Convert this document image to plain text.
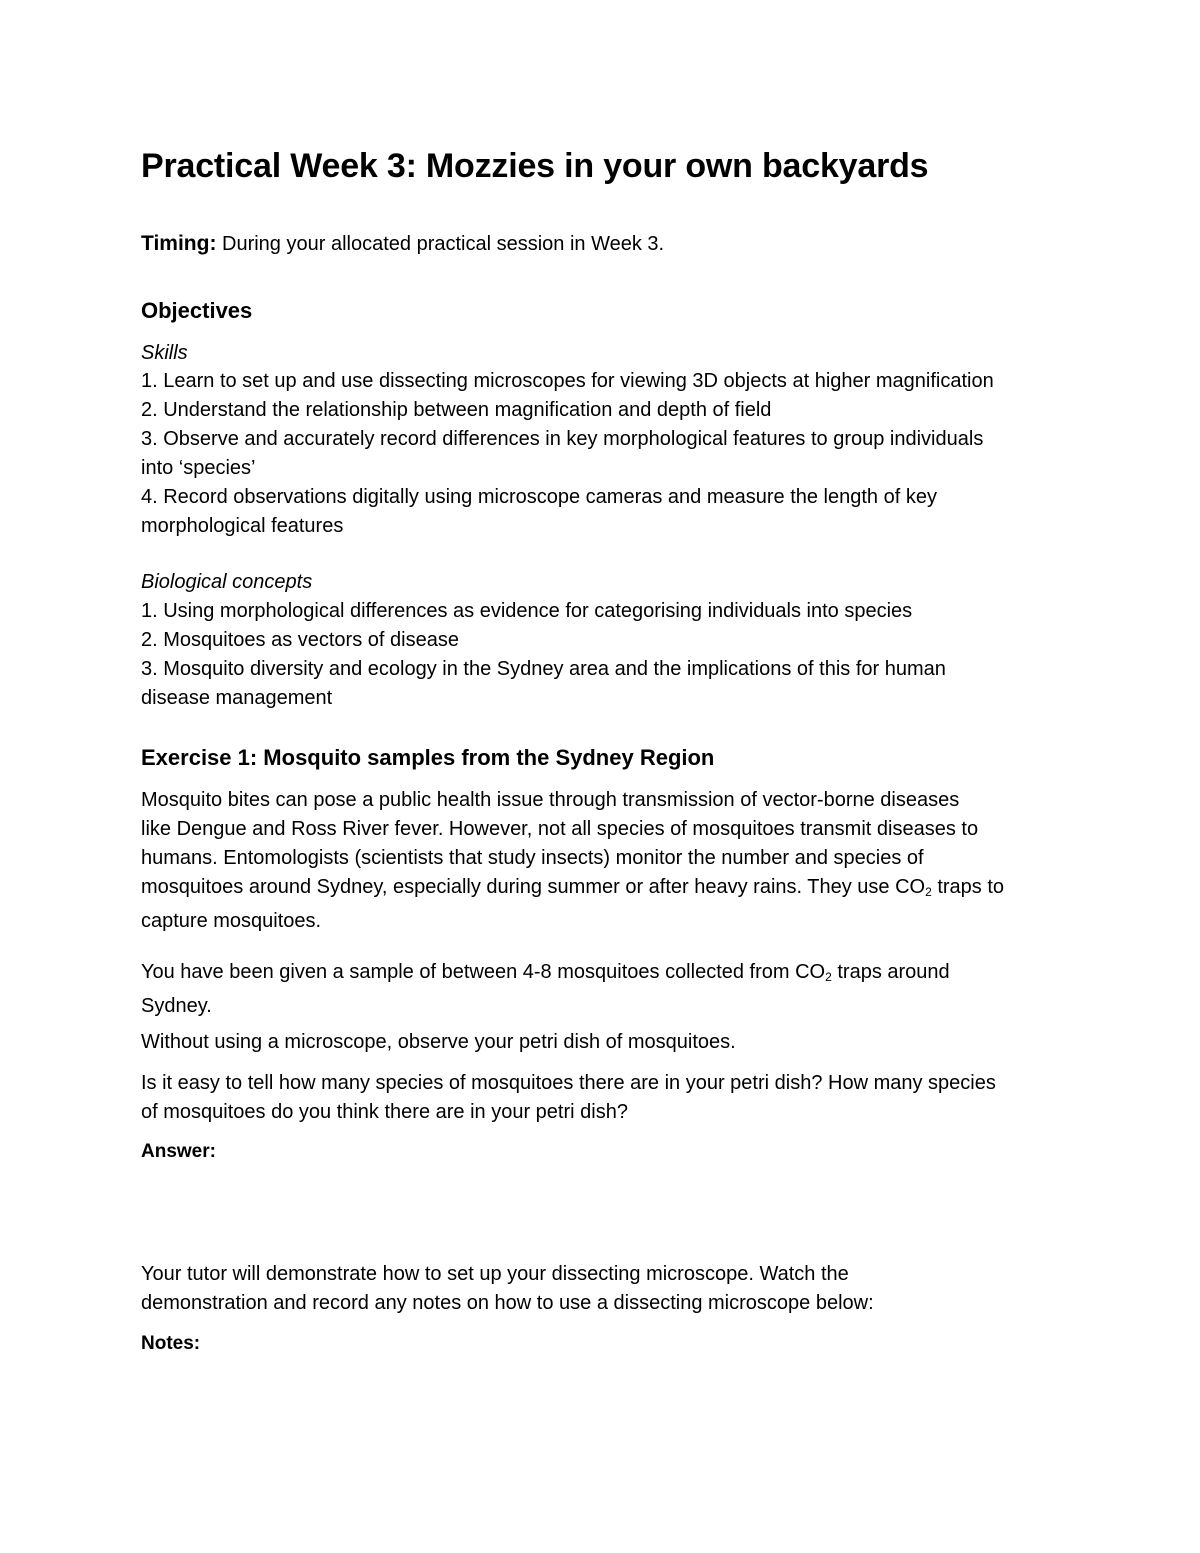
Practical Week 3: Mozzies in your own backyards
Timing: During your allocated practical session in Week 3.
Objectives
Skills
1. Learn to set up and use dissecting microscopes for viewing 3D objects at higher magnification
2. Understand the relationship between magnification and depth of field
3. Observe and accurately record differences in key morphological features to group individuals
into ‘species’
4. Record observations digitally using microscope cameras and measure the length of key
morphological features
Biological concepts
1. Using morphological differences as evidence for categorising individuals into species
2. Mosquitoes as vectors of disease
3. Mosquito diversity and ecology in the Sydney area and the implications of this for human
disease management
Exercise 1: Mosquito samples from the Sydney Region
Mosquito bites can pose a public health issue through transmission of vector-borne diseases
like Dengue and Ross River fever. However, not all species of mosquitoes transmit diseases to
humans. Entomologists (scientists that study insects) monitor the number and species of
mosquitoes around Sydney, especially during summer or after heavy rains. They use $CO_2$ traps to
capture mosquitoes.
You have been given a sample of between 4-8 mosquitoes collected from $CO_2$ traps around
Sydney.
Without using a microscope, observe your petri dish of mosquitoes.
Is it easy to tell how many species of mosquitoes there are in your petri dish? How many species
of mosquitoes do you think there are in your petri dish?
Answer:
Your tutor will demonstrate how to set up your dissecting microscope. Watch the
demonstration and record any notes on how to use a dissecting microscope below:
Notes:
